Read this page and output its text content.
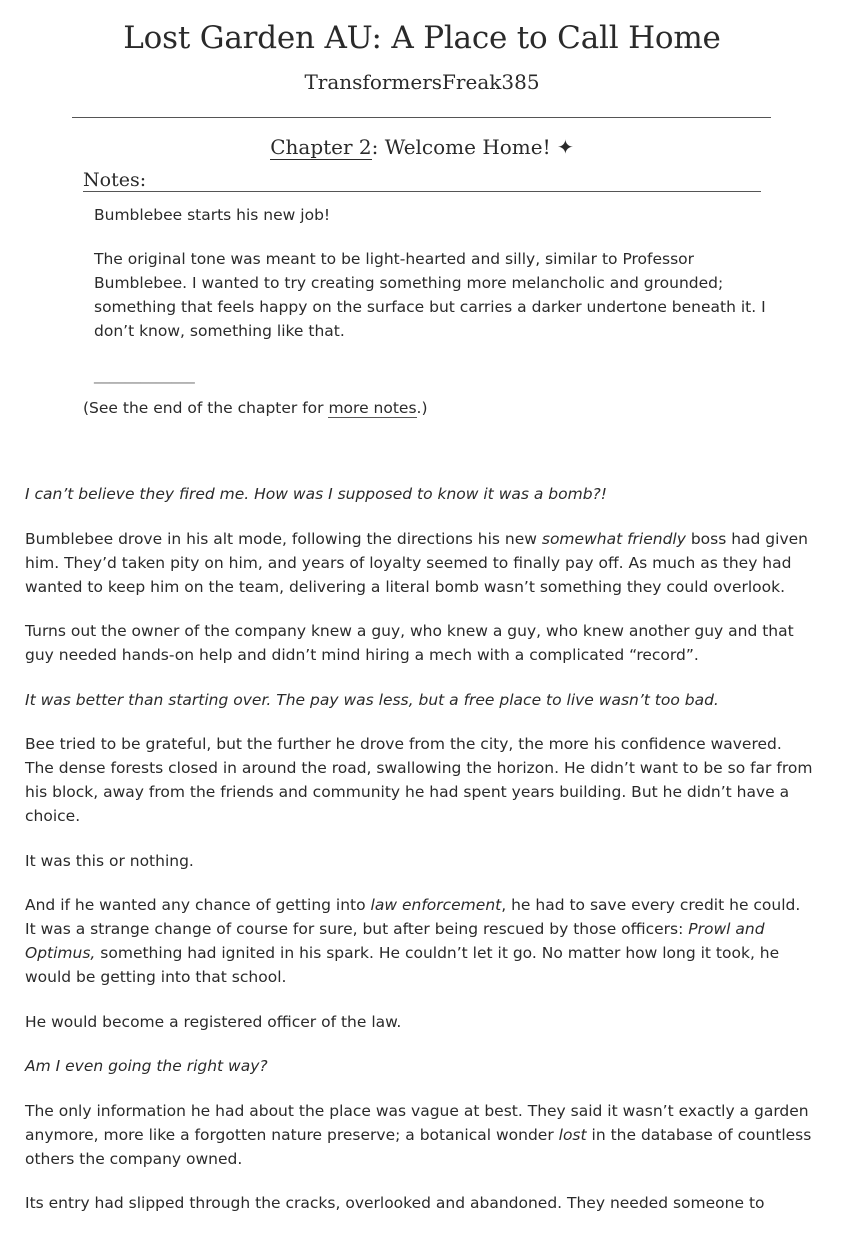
Lost Garden AU: A Place to Call Home
TransformersFreak385
Chapter 2: Welcome Home! ✦
Notes:

Bumblebee starts his new job!

The original tone was meant to be light-hearted and silly, similar to Professor Bumblebee. I wanted to try creating something more melancholic and grounded; something that feels happy on the surface but carries a darker undertone beneath it. I don’t know, something like that.

_____________

(See the end of the chapter for more notes.)

I can’t believe they fired me. How was I supposed to know it was a bomb?!

Bumblebee drove in his alt mode, following the directions his new somewhat friendly boss had given him. They’d taken pity on him, and years of loyalty seemed to finally pay off. As much as they had wanted to keep him on the team, delivering a literal bomb wasn’t something they could overlook.

Turns out the owner of the company knew a guy, who knew a guy, who knew another guy and that guy needed hands-on help and didn’t mind hiring a mech with a complicated “record”.

It was better than starting over. The pay was less, but a free place to live wasn’t too bad.

Bee tried to be grateful, but the further he drove from the city, the more his confidence wavered. The dense forests closed in around the road, swallowing the horizon. He didn’t want to be so far from his block, away from the friends and community he had spent years building. But he didn’t have a choice.

It was this or nothing.

And if he wanted any chance of getting into law enforcement, he had to save every credit he could. It was a strange change of course for sure, but after being rescued by those officers: Prowl and Optimus, something had ignited in his spark. He couldn’t let it go. No matter how long it took, he would be getting into that school.

He would become a registered officer of the law.

Am I even going the right way?

The only information he had about the place was vague at best. They said it wasn’t exactly a garden anymore, more like a forgotten nature preserve; a botanical wonder lost in the database of countless others the company owned.

Its entry had slipped through the cracks, overlooked and abandoned. They needed someone to
